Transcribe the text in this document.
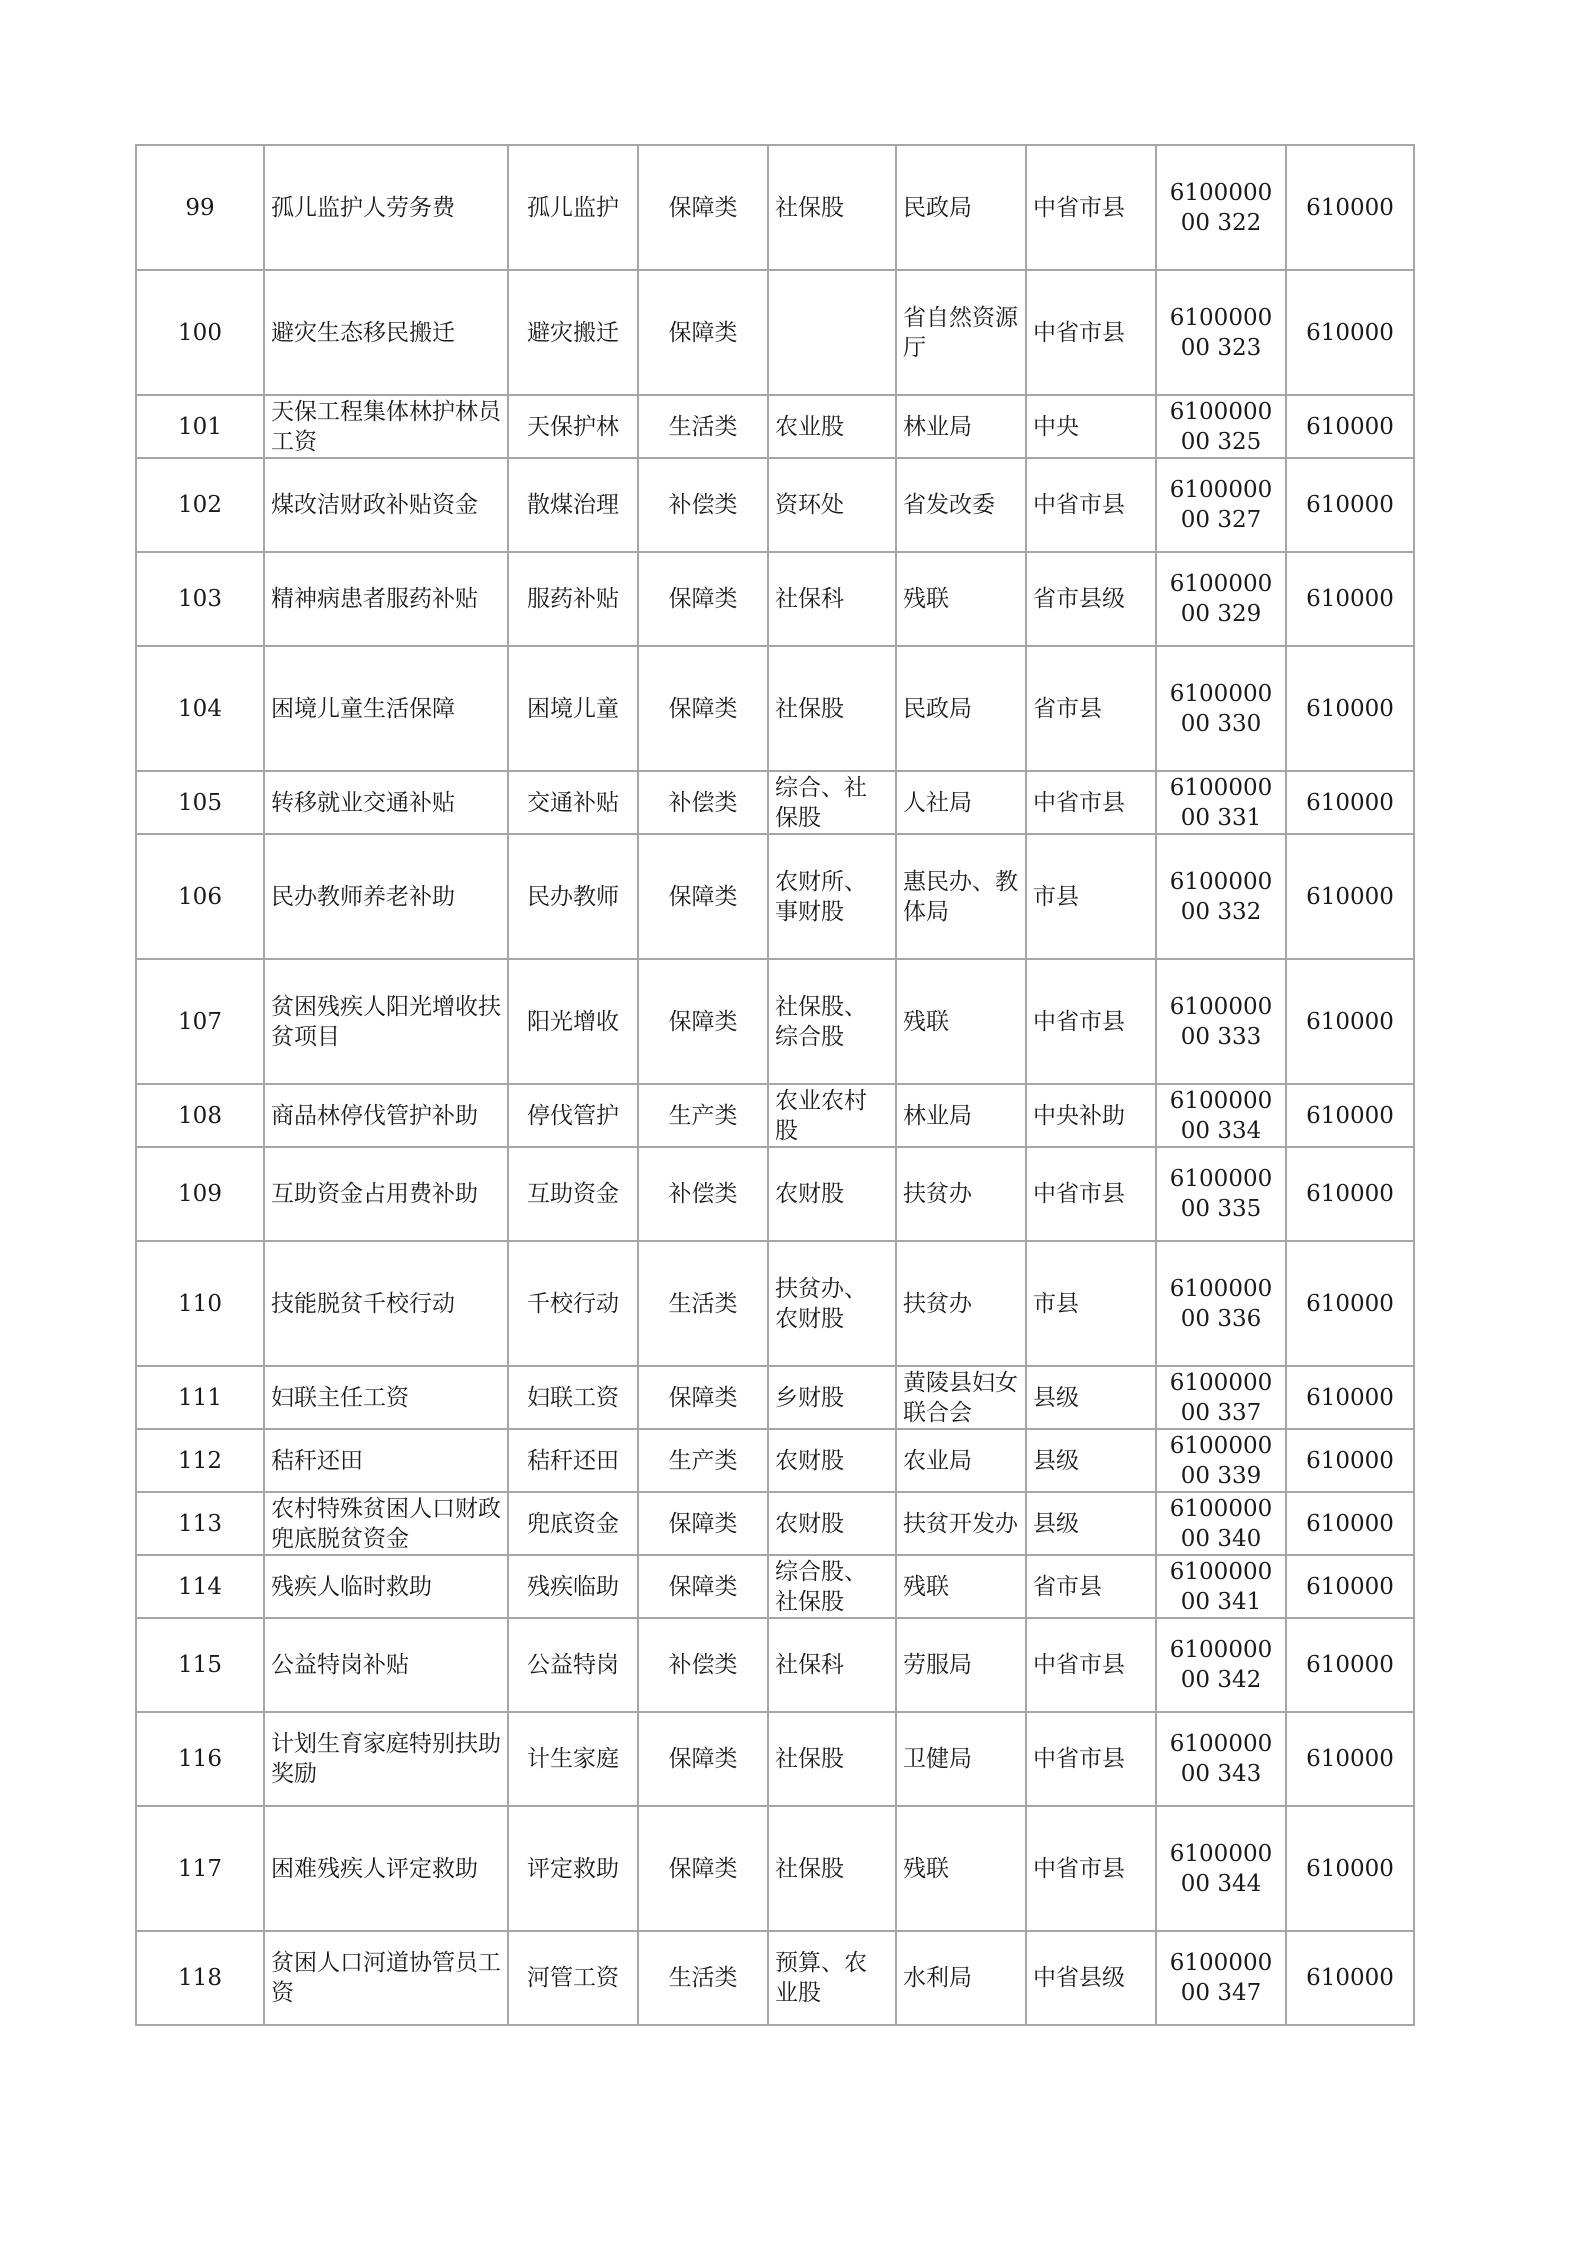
99	孤儿监护人劳务费	孤儿监护	保障类	社保股	民政局	中省市县	610000000 322	610000
100	避灾生态移民搬迁	避灾搬迁	保障类		省自然资源厅	中省市县	610000000 323	610000
101	天保工程集体林护林员工资	天保护林	生活类	农业股	林业局	中央	610000000 325	610000
102	煤改洁财政补贴资金	散煤治理	补偿类	资环处	省发改委	中省市县	610000000 327	610000
103	精神病患者服药补贴	服药补贴	保障类	社保科	残联	省市县级	610000000 329	610000
104	困境儿童生活保障	困境儿童	保障类	社保股	民政局	省市县	610000000 330	610000
105	转移就业交通补贴	交通补贴	补偿类	综合、社保股	人社局	中省市县	610000000 331	610000
106	民办教师养老补助	民办教师	保障类	农财所、事财股	惠民办、教体局	市县	610000000 332	610000
107	贫困残疾人阳光增收扶贫项目	阳光增收	保障类	社保股、综合股	残联	中省市县	610000000 333	610000
108	商品林停伐管护补助	停伐管护	生产类	农业农村股	林业局	中央补助	610000000 334	610000
109	互助资金占用费补助	互助资金	补偿类	农财股	扶贫办	中省市县	610000000 335	610000
110	技能脱贫千校行动	千校行动	生活类	扶贫办、农财股	扶贫办	市县	610000000 336	610000
111	妇联主任工资	妇联工资	保障类	乡财股	黄陵县妇女联合会	县级	610000000 337	610000
112	秸秆还田	秸秆还田	生产类	农财股	农业局	县级	610000000 339	610000
113	农村特殊贫困人口财政兜底脱贫资金	兜底资金	保障类	农财股	扶贫开发办	县级	610000000 340	610000
114	残疾人临时救助	残疾临助	保障类	综合股、社保股	残联	省市县	610000000 341	610000
115	公益特岗补贴	公益特岗	补偿类	社保科	劳服局	中省市县	610000000 342	610000
116	计划生育家庭特别扶助奖励	计生家庭	保障类	社保股	卫健局	中省市县	610000000 343	610000
117	困难残疾人评定救助	评定救助	保障类	社保股	残联	中省市县	610000000 344	610000
118	贫困人口河道协管员工资	河管工资	生活类	预算、农业股	水利局	中省县级	610000000 347	610000
